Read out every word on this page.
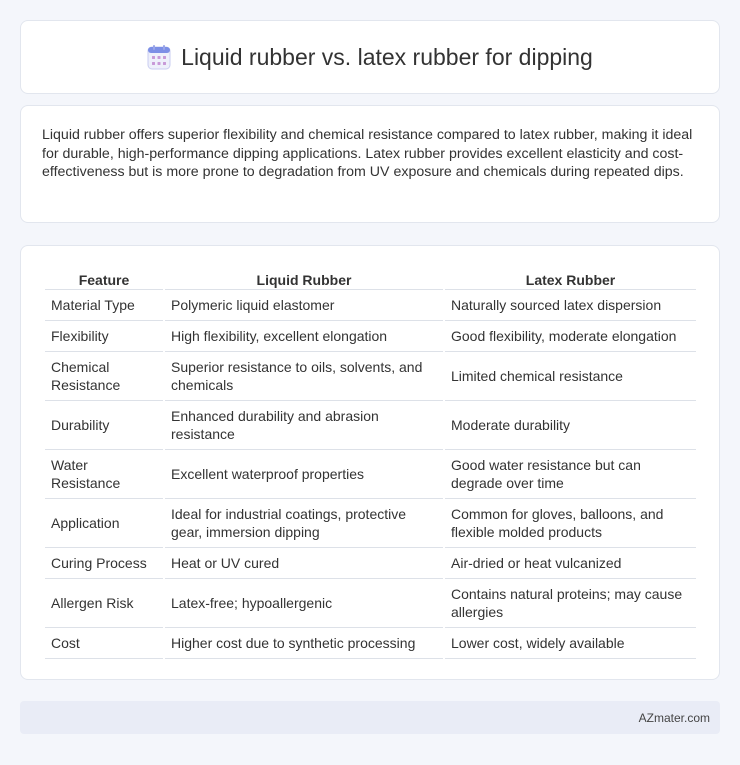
Liquid rubber vs. latex rubber for dipping

Liquid rubber offers superior flexibility and chemical resistance compared to latex rubber, making it ideal for durable, high-performance dipping applications. Latex rubber provides excellent elasticity and cost-effectiveness but is more prone to degradation from UV exposure and chemicals during repeated dips.

Feature	Liquid Rubber	Latex Rubber
Material Type	Polymeric liquid elastomer	Naturally sourced latex dispersion
Flexibility	High flexibility, excellent elongation	Good flexibility, moderate elongation
Chemical Resistance	Superior resistance to oils, solvents, and chemicals	Limited chemical resistance
Durability	Enhanced durability and abrasion resistance	Moderate durability
Water Resistance	Excellent waterproof properties	Good water resistance but can degrade over time
Application	Ideal for industrial coatings, protective gear, immersion dipping	Common for gloves, balloons, and flexible molded products
Curing Process	Heat or UV cured	Air-dried or heat vulcanized
Allergen Risk	Latex-free; hypoallergenic	Contains natural proteins; may cause allergies
Cost	Higher cost due to synthetic processing	Lower cost, widely available
AZmater.com
